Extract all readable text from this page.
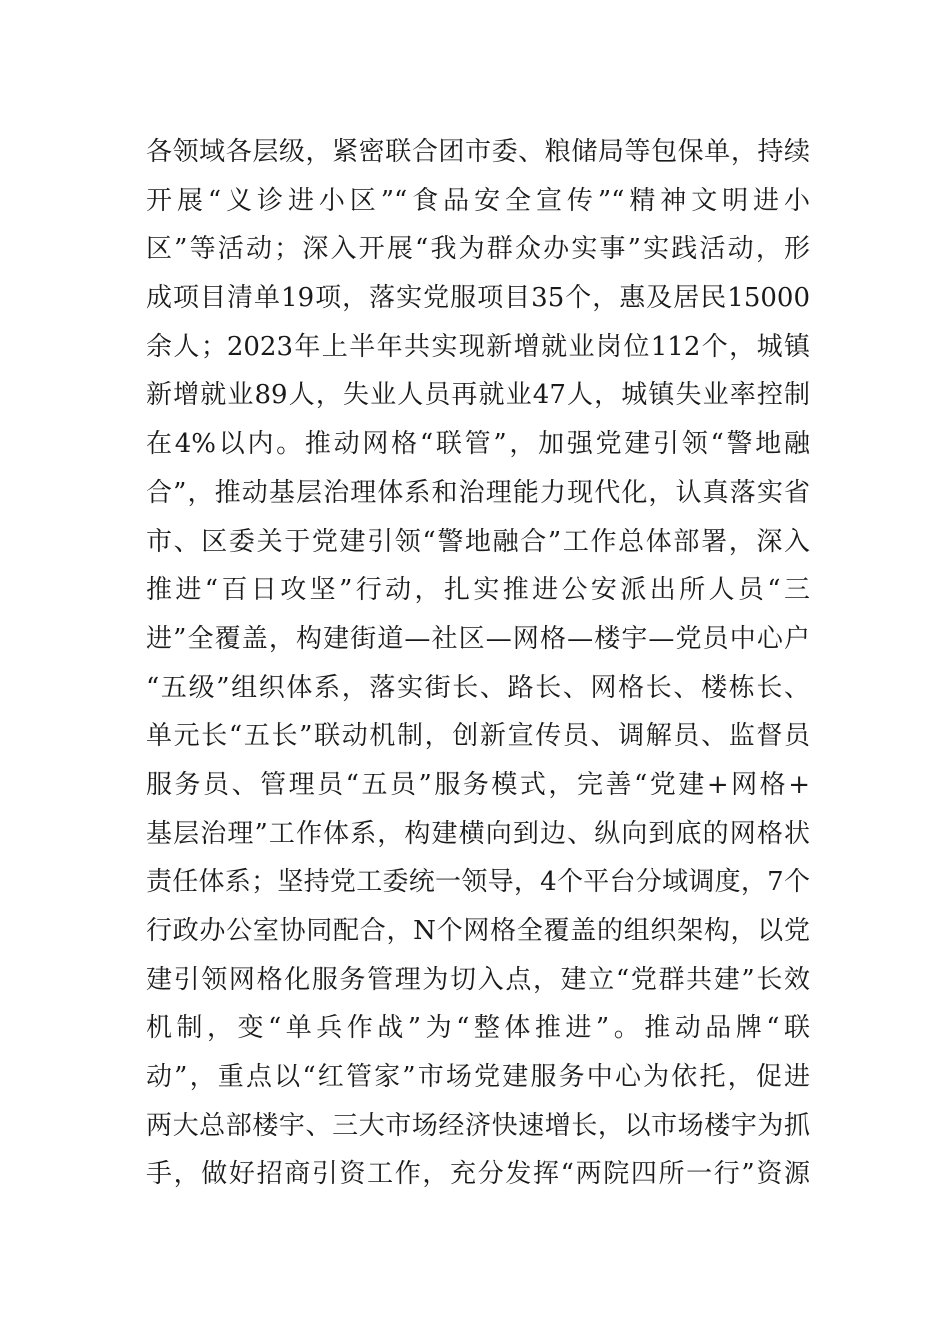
各领域各层级，紧密联合团市委、粮储局等包保单，持续
开展“义诊进小区”“食品安全宣传”“精神文明进小
区”等活动；深入开展“我为群众办实事”实践活动，形
成项目清单19项，落实党服项目35个，惠及居民15000
余人；2023年上半年共实现新增就业岗位112个，城镇
新增就业89人，失业人员再就业47人，城镇失业率控制
在4%以内。推动网格“联管”，加强党建引领“警地融
合”，推动基层治理体系和治理能力现代化，认真落实省
市、区委关于党建引领“警地融合”工作总体部署，深入
推进“百日攻坚”行动，扎实推进公安派出所人员“三
进”全覆盖，构建街道—社区—网格—楼宇—党员中心户
“五级”组织体系，落实街长、路长、网格长、楼栋长、
单元长“五长”联动机制，创新宣传员、调解员、监督员
服务员、管理员“五员”服务模式，完善“党建+网格+
基层治理”工作体系，构建横向到边、纵向到底的网格状
责任体系；坚持党工委统一领导，4个平台分域调度，7个
行政办公室协同配合，N个网格全覆盖的组织架构，以党
建引领网格化服务管理为切入点，建立“党群共建”长效
机制，变“单兵作战”为“整体推进”。推动品牌“联
动”，重点以“红管家”市场党建服务中心为依托，促进
两大总部楼宇、三大市场经济快速增长，以市场楼宇为抓
手，做好招商引资工作，充分发挥“两院四所一行”资源
